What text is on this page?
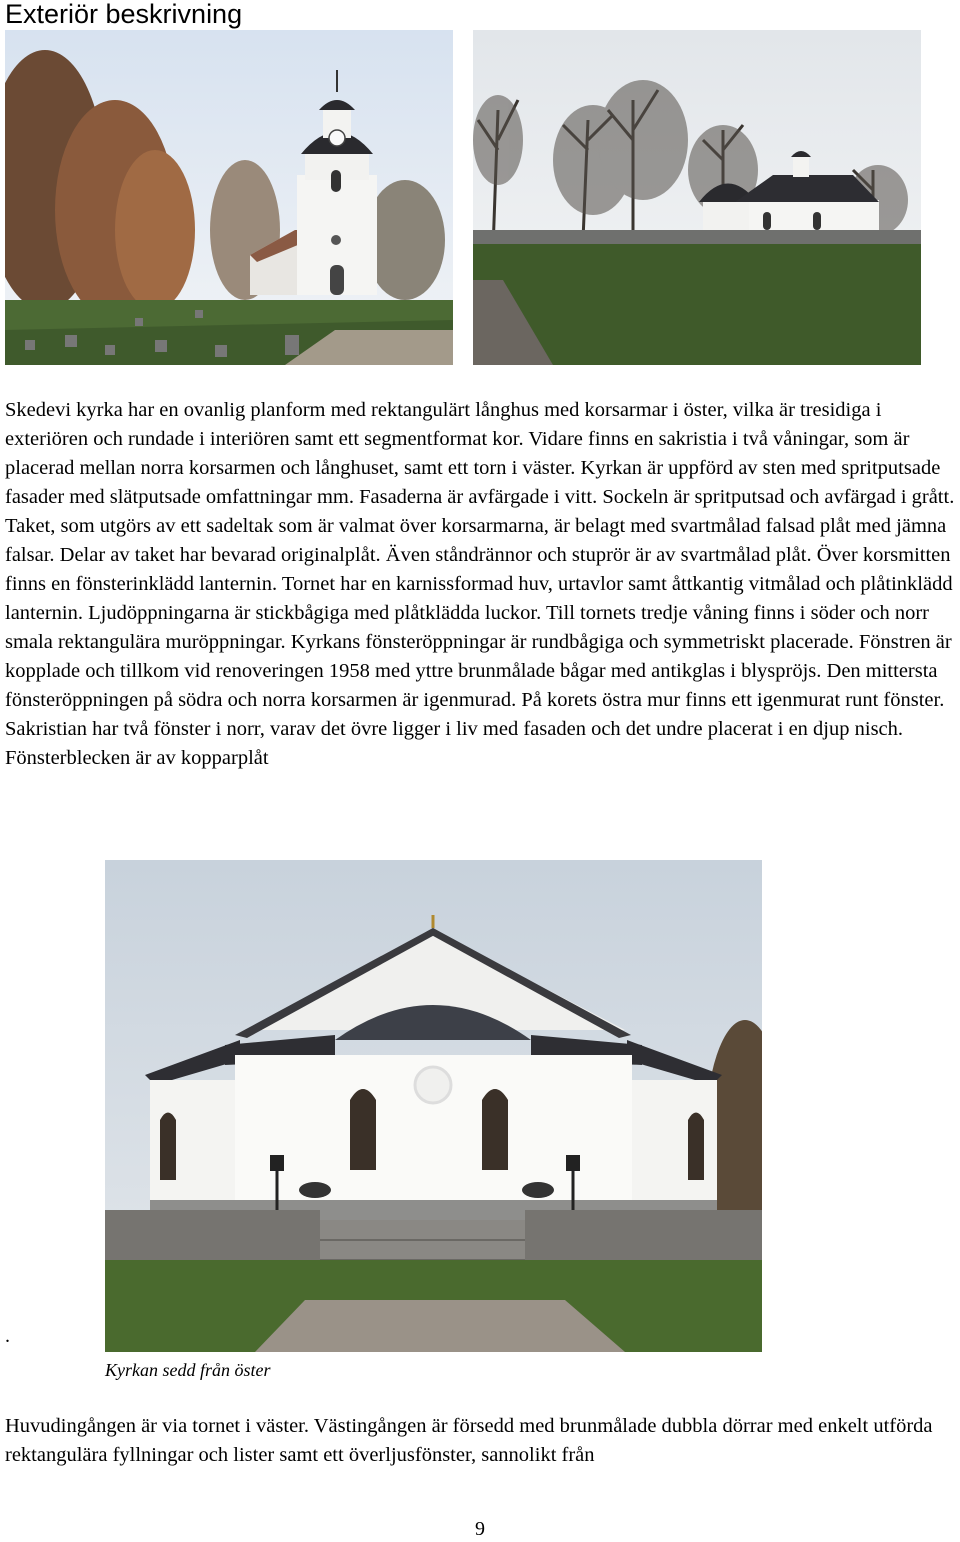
Exteriör beskrivning

Skedevi kyrka har en ovanlig planform med rektangulärt långhus med korsarmar i öster, vilka är tresidiga i exteriören och rundade i interiören samt ett segmentformat kor. Vidare finns en sakristia i två våningar, som är placerad mellan norra korsarmen och långhuset, samt ett torn i väster. Kyrkan är uppförd av sten med spritputsade fasader med slätputsade omfattningar mm. Fasaderna är avfärgade i vitt. Sockeln är spritputsad och avfärgad i grått. Taket, som utgörs av ett sadeltak som är valmat över korsarmarna, är belagt med svartmålad falsad plåt med jämna falsar. Delar av taket har bevarad originalplåt. Även ståndrännor och stuprör är av svartmålad plåt. Över korsmitten finns en fönsterinklädd lanternin. Tornet har en karnissformad huv, urtavlor samt åttkantig vitmålad och plåtinklädd lanternin. Ljudöppningarna är stickbågiga med plåtklädda luckor. Till tornets tredje våning finns i söder och norr smala rektangulära muröppningar. Kyrkans fönsteröppningar är rundbågiga och symmetriskt placerade. Fönstren är kopplade och tillkom vid renoveringen 1958 med yttre brunmålade bågar med antikglas i blyspröjs. Den mittersta fönsteröppningen på södra och norra korsarmen är igenmurad. På korets östra mur finns ett igenmurat runt fönster. Sakristian har två fönster i norr, varav det övre ligger i liv med fasaden och det undre placerat i en djup nisch. Fönsterblecken är av kopparplåt

.

Kyrkan sedd från öster

Huvudingången är via tornet i väster. Västingången är försedd med brunmålade dubbla dörrar med enkelt utförda rektangulära fyllningar och lister samt ett överljusfönster, sannolikt från

9
